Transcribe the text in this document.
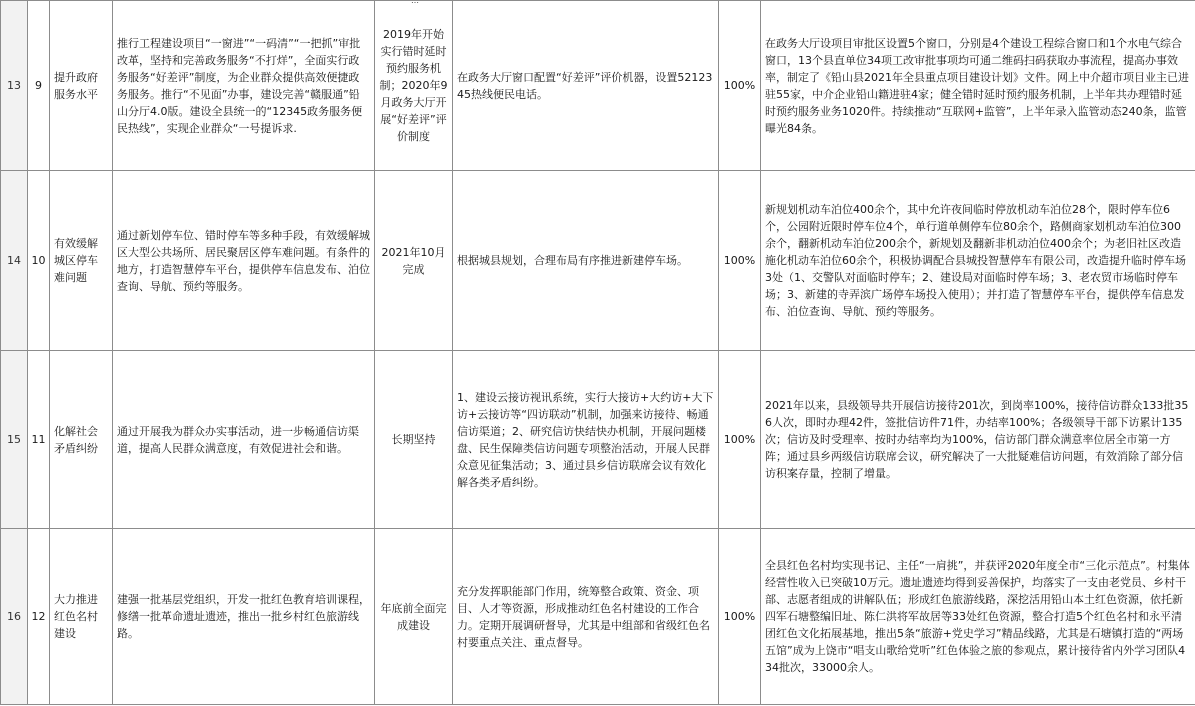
…
13	9	提升政府服务水平	推行工程建设项目“一窗进”“一码清”“一把抓”审批改革，坚持和完善政务服务“不打烊”，全面实行政务服务“好差评”制度，为企业群众提供高效便捷政务服务。推行“不见面”办事，建设完善“赣服通”铅山分厅4.0版。建设全县统一的“12345政务服务便民热线”，实现企业群众“一号提诉求.	2019年开始实行错时延时预约服务机制；2020年9月政务大厅开展“好差评”评价制度	在政务大厅窗口配置“好差评”评价机器，设置5212345热线便民电话。	100%	在政务大厅设项目审批区设置5个窗口，分别是4个建设工程综合窗口和1个水电气综合窗口，13个县直单位34项工改审批事项均可通二维码扫码获取办事流程，提高办事效率，制定了《铅山县2021年全县重点项目建设计划》文件。网上中介超市项目业主已进驻55家，中介企业铅山籍进驻4家；健全错时延时预约服务机制，上半年共办理错时延时预约服务业务1020件。持续推动“互联网+监管”，上半年录入监管动态240条，监管曝光84条。
14	10	有效缓解城区停车难问题	通过新划停车位、错时停车等多种手段，有效缓解城区大型公共场所、居民聚居区停车难问题。有条件的地方，打造智慧停车平台，提供停车信息发布、泊位查询、导航、预约等服务。	2021年10月完成	根据城县规划，合理布局有序推进新建停车场。	100%	新规划机动车泊位400余个，其中允许夜间临时停放机动车泊位28个，限时停车位6个，公园附近限时停车位4个，单行道单侧停车位80余个，路侧商家划机动车泊位300余个，翻新机动车泊位200余个，新规划及翻新非机动泊位400余个；为老旧社区改造施化机动车泊位60余个，积极协调配合县城投智慧停车有限公司，改造提升临时停车场3处（1、交警队对面临时停车；2、建设局对面临时停车场；3、老农贸市场临时停车场；3、新建的寺弄滨广场停车场投入使用）；并打造了智慧停车平台，提供停车信息发布、泊位查询、导航、预约等服务。
15	11	化解社会矛盾纠纷	通过开展我为群众办实事活动，进一步畅通信访渠道，提高人民群众满意度，有效促进社会和谐。	长期坚持	1、建设云接访视讯系统，实行大接访+大约访+大下访+云接访等“四访联动”机制，加强来访接待、畅通信访渠道；2、研究信访快结快办机制，开展问题楼盘、民生保障类信访问题专项整治活动，开展人民群众意见征集活动；3、通过县乡信访联席会议有效化解各类矛盾纠纷。	100%	2021年以来，县级领导共开展信访接待201次，到岗率100%，接待信访群众133批356人次，即时办理42件，签批信访件71件，办结率100%；各级领导干部下访累计135次；信访及时受理率、按时办结率均为100%，信访部门群众满意率位居全市第一方阵；通过县乡两级信访联席会议，研究解决了一大批疑难信访问题，有效消除了部分信访积案存量，控制了增量。
16	12	大力推进红色名村建设	建强一批基层党组织，开发一批红色教育培训课程，修缮一批革命遗址遗迹，推出一批乡村红色旅游线路。	年底前全面完成建设	充分发挥职能部门作用，统筹整合政策、资金、项目、人才等资源，形成推动红色名村建设的工作合力。定期开展调研督导，尤其是中组部和省级红色名村要重点关注、重点督导。	100%	全县红色名村均实现书记、主任“一肩挑”，并获评2020年度全市“三化示范点”。村集体经营性收入已突破10万元。遗址遗迹均得到妥善保护，均落实了一支由老党员、乡村干部、志愿者组成的讲解队伍；形成红色旅游线路，深挖活用铅山本土红色资源，依托新四军石塘整编旧址、陈仁洪将军故居等33处红色资源，整合打造5个红色名村和永平清团红色文化拓展基地，推出5条“旅游+党史学习”精品线路，尤其是石塘镇打造的“两场五馆”成为上饶市“唱支山歌给党听”红色体验之旅的参观点，累计接待省内外学习团队434批次，33000余人。
